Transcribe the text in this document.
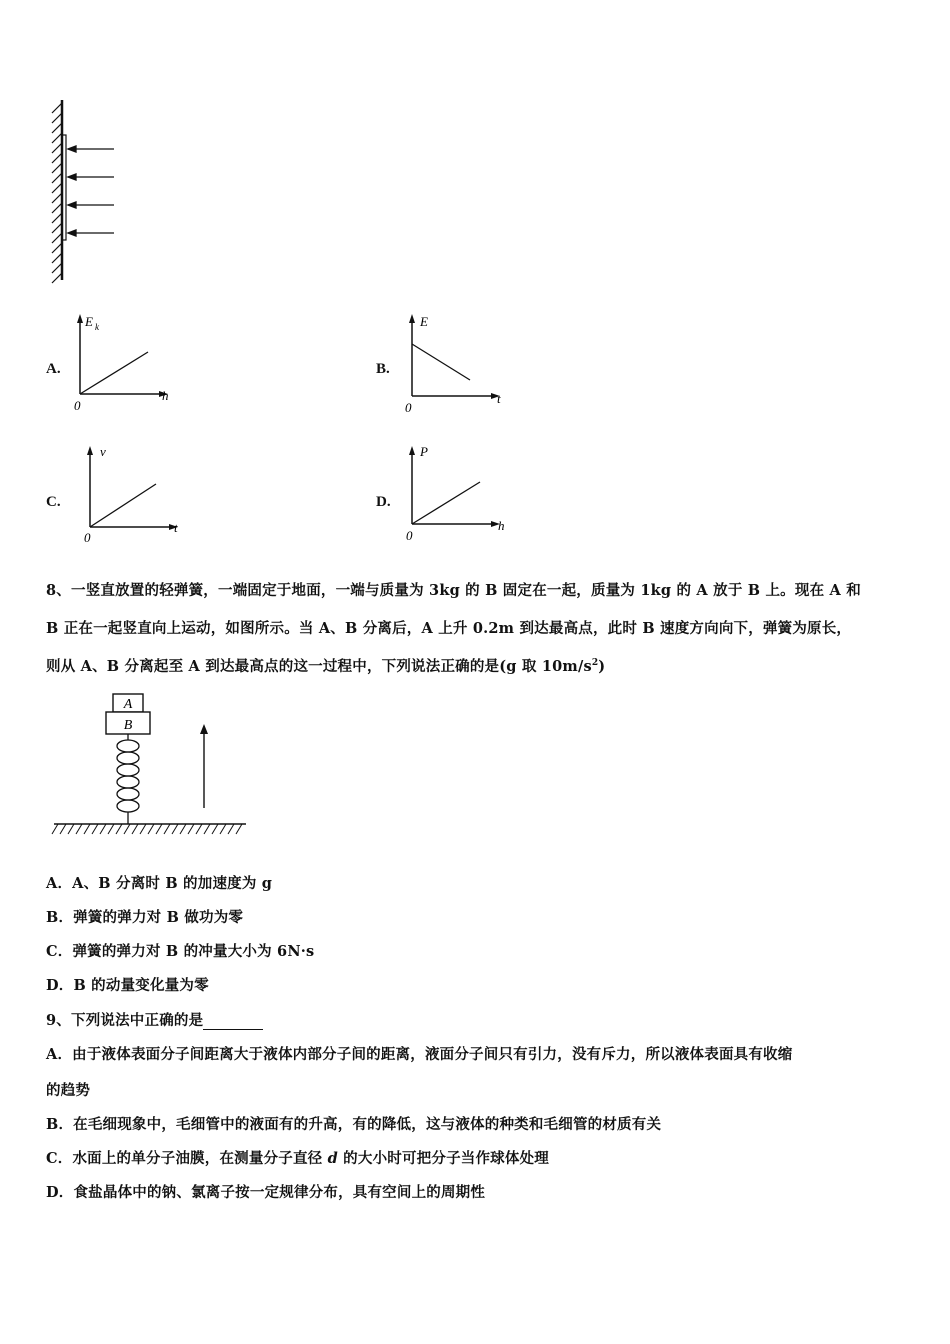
A.
E k
h
0
B.
E
t
0
C.
v
t
0
D.
P
h
0
8、一竖直放置的轻弹簧，一端固定于地面，一端与质量为 3kg 的 B 固定在一起，质量为 1kg 的 A 放于 B 上。现在 A 和
B 正在一起竖直向上运动，如图所示。当 A、B 分离后，A 上升 0.2m 到达最高点，此时 B 速度方向向下，弹簧为原长，
则从 A、B 分离起至 A 到达最高点的这一过程中，下列说法正确的是(g 取 $10m/s^2$)
A
B
A．A、B 分离时 B 的加速度为 g
B．弹簧的弹力对 B 做功为零
C．弹簧的弹力对 B 的冲量大小为 6N·s
D．B 的动量变化量为零
9、下列说法中正确的是
A．由于液体表面分子间距离大于液体内部分子间的距离，液面分子间只有引力，没有斥力，所以液体表面具有收缩
的趋势
B．在毛细现象中，毛细管中的液面有的升高，有的降低，这与液体的种类和毛细管的材质有关
C．水面上的单分子油膜，在测量分子直径 d 的大小时可把分子当作球体处理
D．食盐晶体中的钠、氯离子按一定规律分布，具有空间上的周期性
